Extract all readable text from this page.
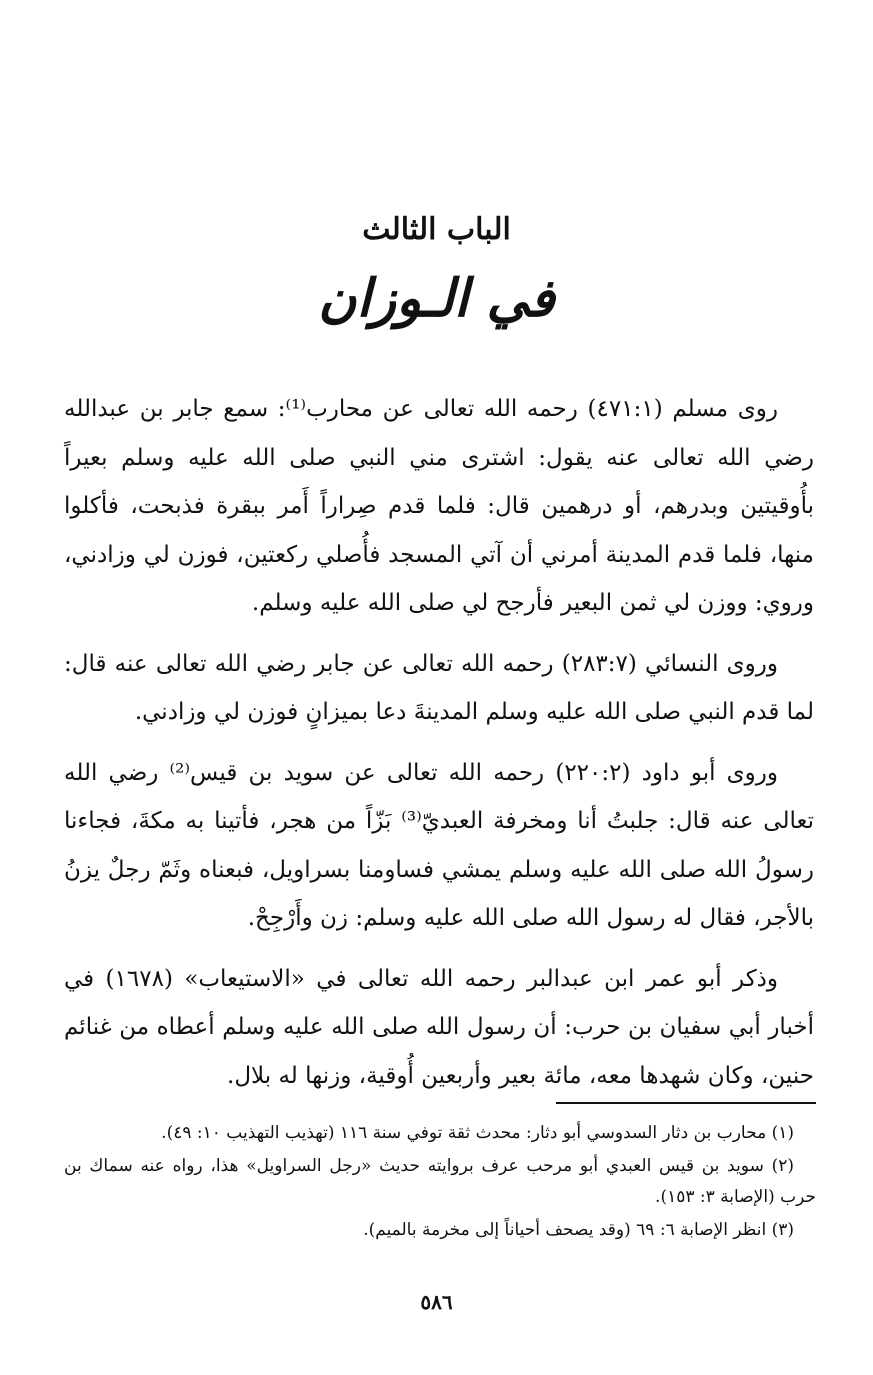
الباب الثالث
في الـوزان

روى مسلم (٤٧١:١) رحمه الله تعالى عن محارب⁽¹⁾: سمع جابر بن عبدالله رضي الله تعالى عنه يقول: اشترى مني النبي صلى الله عليه وسلم بعيراً بأُوقيتين وبدرهم، أو درهمين قال: فلما قدم صِراراً أَمر ببقرة فذبحت، فأكلوا منها، فلما قدم المدينة أمرني أن آتي المسجد فأُصلي ركعتين، فوزن لي وزادني، وروي: ووزن لي ثمن البعير فأرجح لي صلى الله عليه وسلم.

وروى النسائي (٢٨٣:٧) رحمه الله تعالى عن جابر رضي الله تعالى عنه قال: لما قدم النبي صلى الله عليه وسلم المدينةَ دعا بميزانٍ فوزن لي وزادني.

وروى أبو داود (٢٢٠:٢) رحمه الله تعالى عن سويد بن قيس⁽²⁾ رضي الله تعالى عنه قال: جلبتُ أنا ومخرفة العبديّ⁽³⁾ بَزّاً من هجر، فأتينا به مكةَ، فجاءنا رسولُ الله صلى الله عليه وسلم يمشي فساومنا بسراويل، فبعناه وثَمّ رجلٌ يزنُ بالأجر، فقال له رسول الله صلى الله عليه وسلم: زن وأَرْجِحْ.

وذكر أبو عمر ابن عبدالبر رحمه الله تعالى في «الاستيعاب» (١٦٧٨) في أخبار أبي سفيان بن حرب: أن رسول الله صلى الله عليه وسلم أعطاه من غنائم حنين، وكان شهدها معه، مائة بعير وأربعين أُوقية، وزنها له بلال.

(١) محارب بن دثار السدوسي أبو دثار: محدث ثقة توفي سنة ١١٦ (تهذيب التهذيب ١٠: ٤٩).

(٢) سويد بن قيس العبدي أبو مرحب عرف بروايته حديث «رجل السراويل» هذا، رواه عنه سماك بن حرب (الإصابة ٣: ١٥٣).

(٣) انظر الإصابة ٦: ٦٩ (وقد يصحف أحياناً إلى مخرمة بالميم).

٥٨٦
